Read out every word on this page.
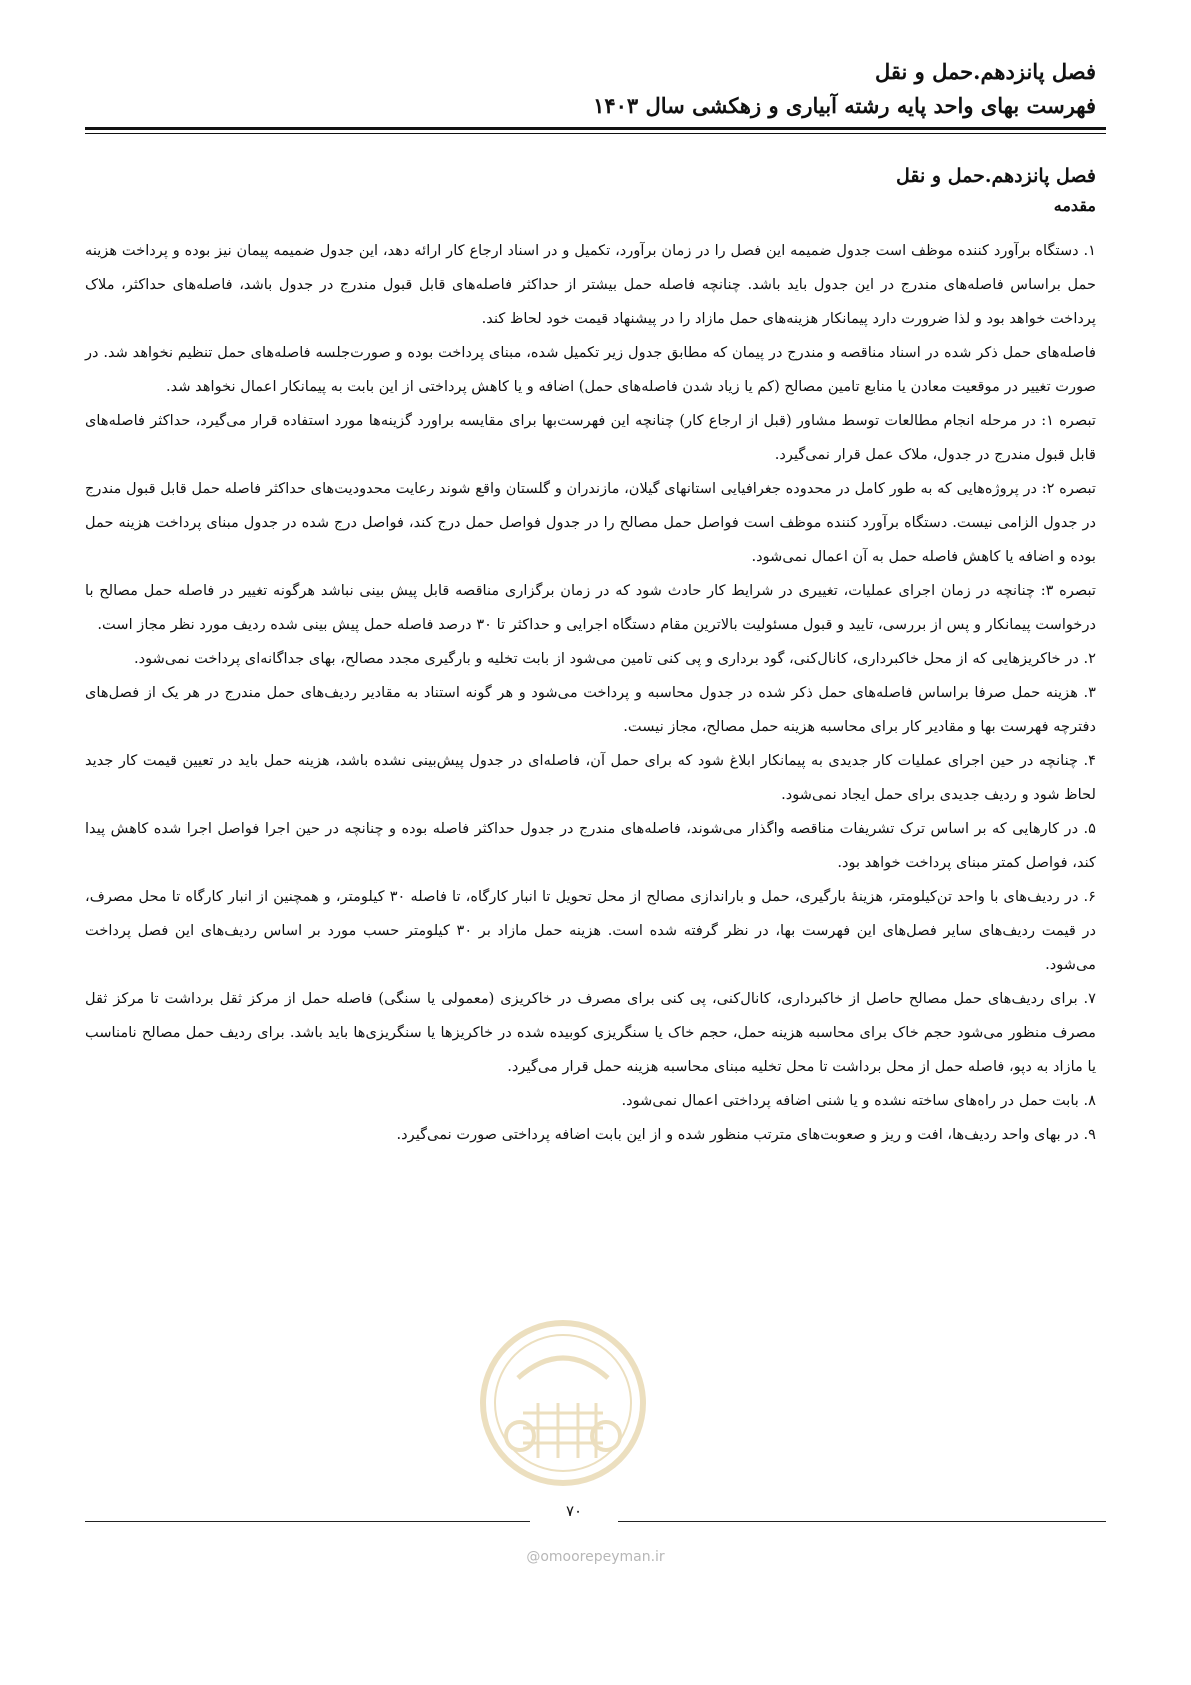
فصل پانزدهم.حمل و نقل
فهرست بهای واحد پایه رشته آبیاری و زهکشی سال ۱۴۰۳
فصل پانزدهم.حمل و نقل
مقدمه

۱. دستگاه برآورد کننده موظف است جدول ضمیمه این فصل را در زمان برآورد، تکمیل و در اسناد ارجاع کار ارائه دهد، این جدول ضمیمه پیمان نیز بوده و پرداخت هزینه حمل براساس فاصله‌های مندرج در این جدول باید باشد. چنانچه فاصله حمل بیشتر از حداکثر فاصله‌های قابل قبول مندرج در جدول باشد، فاصله‌های حداکثر، ملاک پرداخت خواهد بود و لذا ضرورت دارد پیمانکار هزینه‌های حمل مازاد را در پیشنهاد قیمت خود لحاظ کند.

فاصله‌های حمل ذکر شده در اسناد مناقصه و مندرج در پیمان که مطابق جدول زیر تکمیل شده، مبنای پرداخت بوده و صورت‌جلسه فاصله‌های حمل تنظیم نخواهد شد. در صورت تغییر در موقعیت معادن یا منابع تامین مصالح (کم یا زیاد شدن فاصله‌های حمل) اضافه و یا کاهش پرداختی از این بابت به پیمانکار اعمال نخواهد شد.

تبصره ۱: در مرحله انجام مطالعات توسط مشاور (قبل از ارجاع کار) چنانچه این فهرست‌بها برای مقایسه براورد گزینه‌ها مورد استفاده قرار می‌گیرد، حداکثر فاصله‌های قابل قبول مندرج در جدول، ملاک عمل قرار نمی‌گیرد.

تبصره ۲: در پروژه‌هایی که به طور کامل در محدوده جغرافیایی استانهای گیلان، مازندران و گلستان واقع شوند رعایت محدودیت‌های حداکثر فاصله حمل قابل قبول مندرج در جدول الزامی نیست. دستگاه برآورد کننده موظف است فواصل حمل مصالح را در جدول فواصل حمل درج کند، فواصل درج شده در جدول مبنای پرداخت هزینه حمل بوده و اضافه یا کاهش فاصله حمل به آن اعمال نمی‌شود.

تبصره ۳: چنانچه در زمان اجرای عملیات، تغییری در شرایط کار حادث شود که در زمان برگزاری مناقصه قابل پیش بینی نباشد هرگونه تغییر در فاصله حمل مصالح با درخواست پیمانکار و پس از بررسی، تایید و قبول مسئولیت بالاترین مقام دستگاه اجرایی و حداکثر تا ۳۰ درصد فاصله حمل پیش بینی شده ردیف مورد نظر مجاز است.

۲. در خاکریزهایی که از محل خاکبرداری، کانال‌کنی، گود برداری و پی کنی تامین می‌شود از بابت تخلیه و بارگیری مجدد مصالح، بهای جداگانه‌ای پرداخت نمی‌شود.

۳. هزینه حمل صرفا براساس فاصله‌های حمل ذکر شده در جدول محاسبه و پرداخت می‌شود و هر گونه استناد به مقادیر ردیف‌های حمل مندرج در هر یک از فصل‌های دفترچه فهرست بها و مقادیر کار برای محاسبه هزینه حمل مصالح، مجاز نیست.

۴. چنانچه در حین اجرای عملیات کار جدیدی به پیمانکار ابلاغ شود که برای حمل آن، فاصله‌ای در جدول پیش‌بینی نشده باشد، هزینه حمل باید در تعیین قیمت کار جدید لحاظ شود و ردیف جدیدی برای حمل ایجاد نمی‌شود.

۵. در کارهایی که بر اساس ترک تشریفات مناقصه واگذار می‌شوند، فاصله‌های مندرج در جدول حداکثر فاصله بوده و چنانچه در حین اجرا فواصل اجرا شده کاهش پیدا کند، فواصل کمتر مبنای پرداخت خواهد بود.

۶. در ردیف‌های با واحد تن‌کیلومتر، هزینهٔ بارگیری، حمل و باراندازی مصالح از محل تحویل تا انبار کارگاه، تا فاصله ۳۰ کیلومتر، و همچنین از انبار کارگاه تا محل مصرف، در قیمت ردیف‌های سایر فصل‌های این فهرست بها، در نظر گرفته شده است. هزینه حمل مازاد بر ۳۰ کیلومتر حسب مورد بر اساس ردیف‌های این فصل پرداخت می‌شود.

۷. برای ردیف‌های حمل مصالح حاصل از خاکبرداری، کانال‌کنی، پی کنی برای مصرف در خاکریزی (معمولی یا سنگی) فاصله حمل از مرکز ثقل برداشت تا مرکز ثقل مصرف منظور می‌شود حجم خاک برای محاسبه هزینه حمل، حجم خاک یا سنگریزی کوبیده شده در خاکریزها یا سنگریزی‌ها باید باشد. برای ردیف حمل مصالح نامناسب یا مازاد به دپو، فاصله حمل از محل برداشت تا محل تخلیه مبنای محاسبه هزینه حمل قرار می‌گیرد.

۸. بابت حمل در راه‌های ساخته نشده و یا شنی اضافه پرداختی اعمال نمی‌شود.

۹. در بهای واحد ردیف‌ها، افت و ریز و صعوبت‌های مترتب منظور شده و از این بابت اضافه پرداختی صورت نمی‌گیرد.

۷۰
@omoorepeyman.ir
